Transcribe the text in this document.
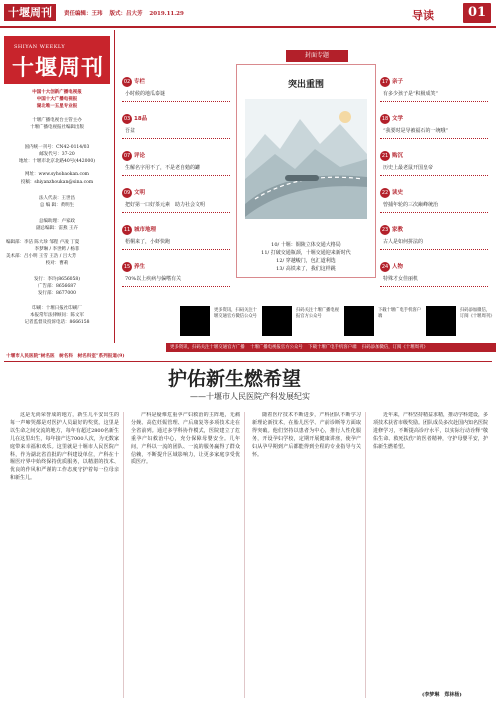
十堰周刊	责任编辑：王玮 版式：吕大芳 2019.11.29	导读	01
SHIYAN WEEKLY
十堰周刊
中国十大创新广播电视报
中国十大广播电视报
湖北唯一五星专业报
十堰广播电视台主管主办
十堰广播电视报社编辑出版
国内统一刊号：CN42-0114/03
邮发代号：37-20
地址：十堰市北京北路40号(442000)
网址：www.syhobaokan.com
投稿：shiyanzhoukan@sina.com
法人代表：王世昌
总 编 辑：黄明生
总编助理：卢家政
副总编辑：雷燕 王卉
编辑部：李洁 陈大珍 邹程 卢凌 丁夏
李梦琳 / 李世鳄 / 杨菲
美术部：吕小明 王雪 王浩 / 吕大芳
校对：曹莉
发行：李玲(8656058)
广告部：8656687
发行部：8677000
印刷：十堰日报社印刷厂
本报常年法律顾问：陈文军
记者监督及投诉电话：8666158
封面专题
突出重围
10/ 十堰：铜陵立体交通大格局
11/ 打破交通瓶颈，十堰交通迎来新时代
12/ 穿越峻门，包汇道利选
13/ 高铁来了，我们这样跳
更多资讯，扫码关注十堰交通官方微信公众号
扫码关注十堰广播电视报官方公众号
下载十堰广电手机客户端
扫码添加微信，订阅《十堰周刊》
更多资讯，扫码关注十堰交通官方广播 十堰广播电视报官方公众号 下载十堰广电手机客户端 扫码添加微信，订阅《十堰周刊》
十堰市人民医院“树名医　树名科　树名科室”系列报道(9)
护佑新生燃希望
—— 十堰市人民医院产科发展纪实
这是无尚荣誉成的地方，新生儿平安出生的每一声啼哭都是对医护人员最好的奖赏。这里是以生命之间交流的地方，每年有超过2800名新生儿在这里出生，每年接产达7000人次，为无数家庭带来幸福和欢乐。这里就是十堰市人民医院产科，作为湖北省首批的产科建设单位，产科在十堰医疗界中始终保持优质服务，以精湛的技术、优良的作风和严谨的工作态度守护着每一位母亲和新生儿。
产科是疑难危重孕产妇救治的主阵地，无痛分娩、高危妊娠管理、产后康复等多项技术走在全省前列。通过多学科协作模式，医院建立了危重孕产妇救治中心，充分保障母婴安全。几年间，产科以一流的团队、一流的服务赢得了群众信赖，不断提升区域影响力，让更多家庭享受优质医疗。
随着医疗技术不断进步，产科团队不断学习新理论新技术，在胎儿医学、产前诊断等方面取得突破。他们坚持以患者为中心，推行人性化服务，开设孕妇学校，定期开展健康讲座，使孕产妇从孕早期到产后都能得到全程的专业指导与关怀。
近年来，产科坚持精益求精，推动学科建设，多项技术获省市级奖励。团队成员多次赴国内知名医院进修学习，不断提高诊疗水平，以实际行动诠释“敬佑生命、救死扶伤”的医者精神，守护母婴平安，护佑新生燃希望。
(李梦琳　郑林杨)
02 专栏
小时候的地瓜泰谜
03 18品
吾盆
07 评论
生解名字用不了，不是老自勉的罐
09 文明
把好第一口好茶元素　助力社会文明
11 城市地理
梧桐来了，小虾快跑
15 养生
70%以上疾病与偏嗜有关
17 亲子
有多少孩子是“积极成笑”
18 文学
“我要时是导被福石的一统哦”
21 购沉
历史上最老鼠开国皇帝
22 读史
曾捕年轮的三次巅峰统治
23 家教
古人是如何拼法的
24 人物
特殊才女佳丽机
